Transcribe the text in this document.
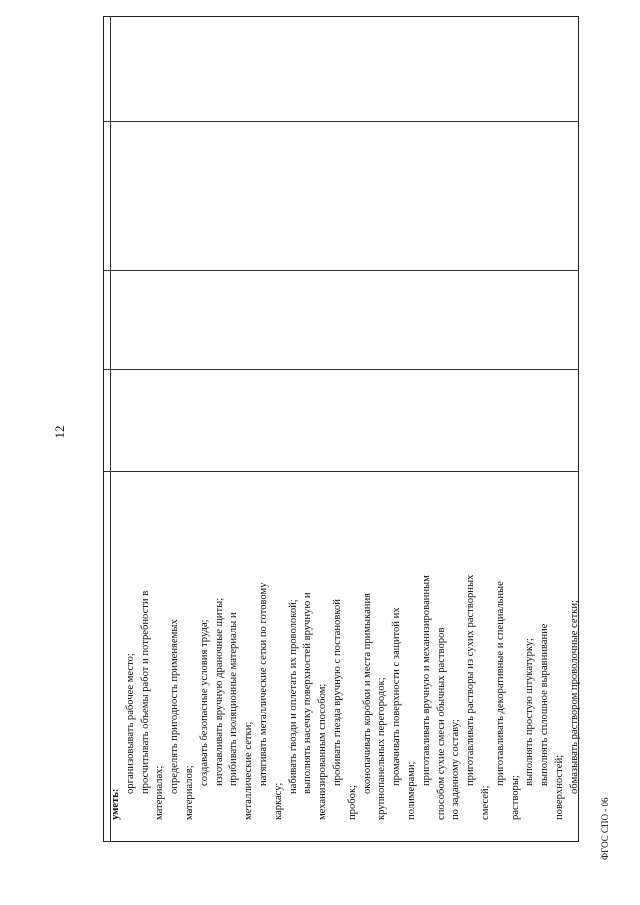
12
уметь:
организовывать рабочее место; просчитывать объемы работ и потребности в материалах; определять пригодность применяемых материалов;
создавать безопасные условия труда; изготавливать вручную драночные щиты; прибивать изоляционные материалы и металлические сетки; натягивать металлические сетки по готовому
каркасу;
набивать гвозди и оплетать их проволокой; выполнять насечку поверхностей вручную и механизированным способом; пробивать гнезда вручную с постановкой
пробок;
оконопачивать коробки и места примыкания крупнопанельных перегородок; промачивать поверхности с защитой их
полимерами;
приготавливать вручную и механизированным способом сухие смеси обычных растворов по заданному составу; приготавливать растворы из сухих растворных
смесей;
приготавливать декоративные и специальные
растворы;
выполнять простую штукатурку; выполнять сплошное выравнивание
поверхностей; обмазывать раствором проволочные сетки;
ФГОС СПО - 06
